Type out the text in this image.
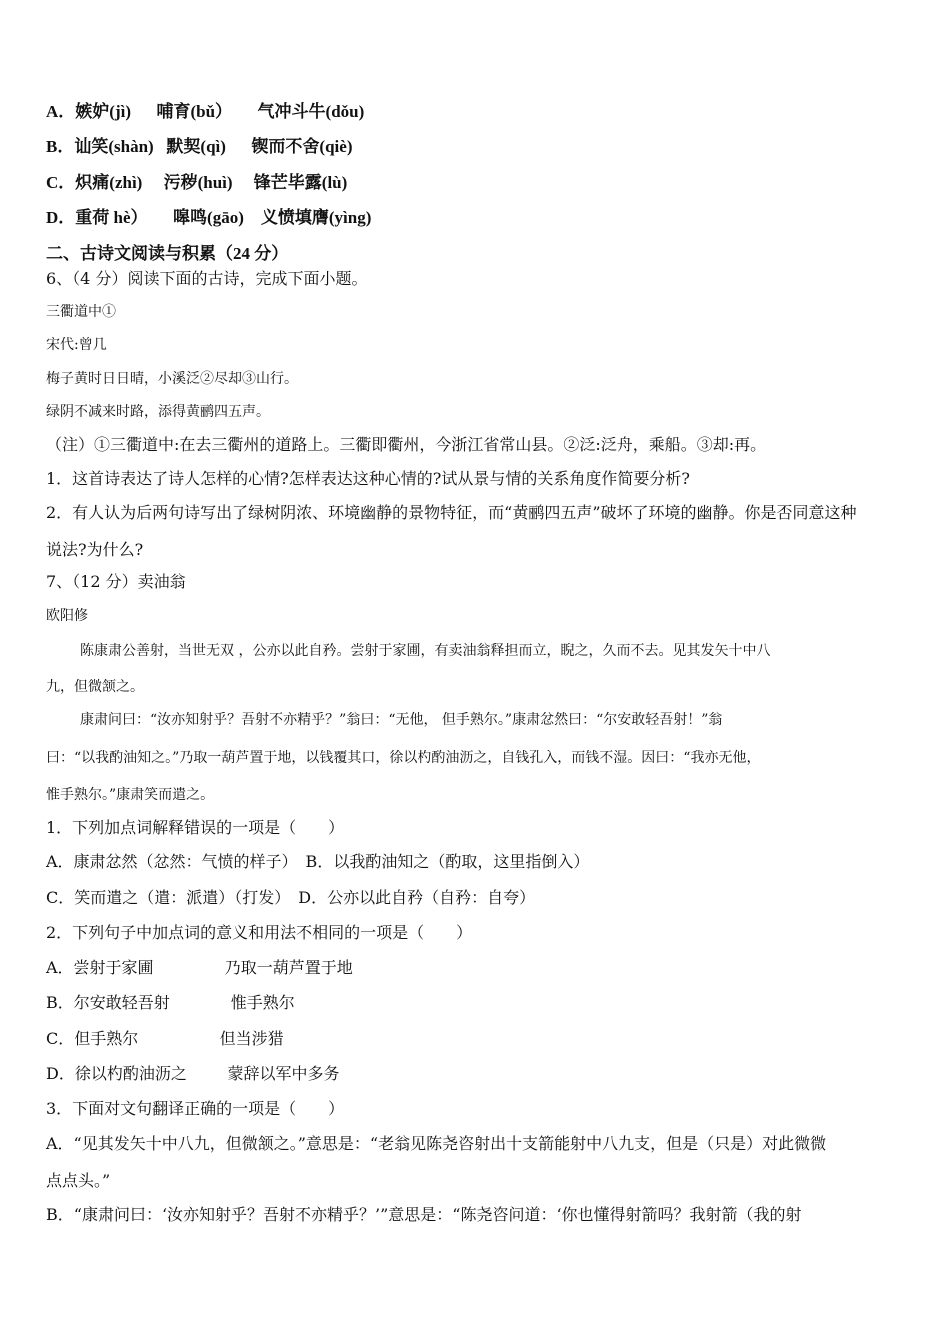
A．嫉妒(jì)      哺育(bǔ）      气冲斗牛(dǒu)
B．讪笑(shàn)   默契(qì)      锲而不舍(qiè)
C．炽痛(zhì)     污秽(huì)     锋芒毕露(lù)
D．重荷 hè）      嗥鸣(gāo)    义愤填膺(yìng)
二、古诗文阅读与积累（24 分）
6、（4 分）阅读下面的古诗，完成下面小题。
三衢道中①
宋代:曾几
梅子黄时日日晴，小溪泛②尽却③山行。
绿阴不减来时路，添得黄鹂四五声。
（注）①三衢道中:在去三衢州的道路上。三衢即衢州，今浙江省常山县。②泛:泛舟，乘船。③却:再。
1．这首诗表达了诗人怎样的心情?怎样表达这种心情的?试从景与情的关系角度作简要分析?
2．有人认为后两句诗写出了绿树阴浓、环境幽静的景物特征，而“黄鹂四五声”破坏了环境的幽静。你是否同意这种
说法?为什么?
7、（12 分）卖油翁
欧阳修
陈康肃公善射，当世无双 ，公亦以此自矜。尝射于家圃，有卖油翁释担而立，睨之，久而不去。见其发矢十中八
九，但微颔之。
康肃问曰：“汝亦知射乎？吾射不亦精乎？”翁曰：“无他， 但手熟尔。”康肃忿然曰：“尔安敢轻吾射！”翁
曰：“以我酌油知之。”乃取一葫芦置于地，以钱覆其口，徐以杓酌油沥之，自钱孔入，而钱不湿。因曰：“我亦无他，
惟手熟尔。”康肃笑而遣之。
1．下列加点词解释错误的一项是（　　）
A．康肃忿然（忿然：气愤的样子）　B．以我酌油知之（酌取，这里指倒入）
C．笑而遣之（遣：派遣）（打发）　D．公亦以此自矜（自矜：自夸）
2．下列句子中加点词的意义和用法不相同的一项是（　　）
A．尝射于家圃              乃取一葫芦置于地
B．尔安敢轻吾射            惟手熟尔
C．但手熟尔                但当涉猎
D．徐以杓酌油沥之        蒙辞以军中多务
3．下面对文句翻译正确的一项是（　　）
A．“见其发矢十中八九，但微颔之。”意思是：“老翁见陈尧咨射出十支箭能射中八九支，但是（只是）对此微微
点点头。”
B．“康肃问曰：‘汝亦知射乎？吾射不亦精乎？’”意思是：“陈尧咨问道：‘你也懂得射箭吗？我射箭（我的射
